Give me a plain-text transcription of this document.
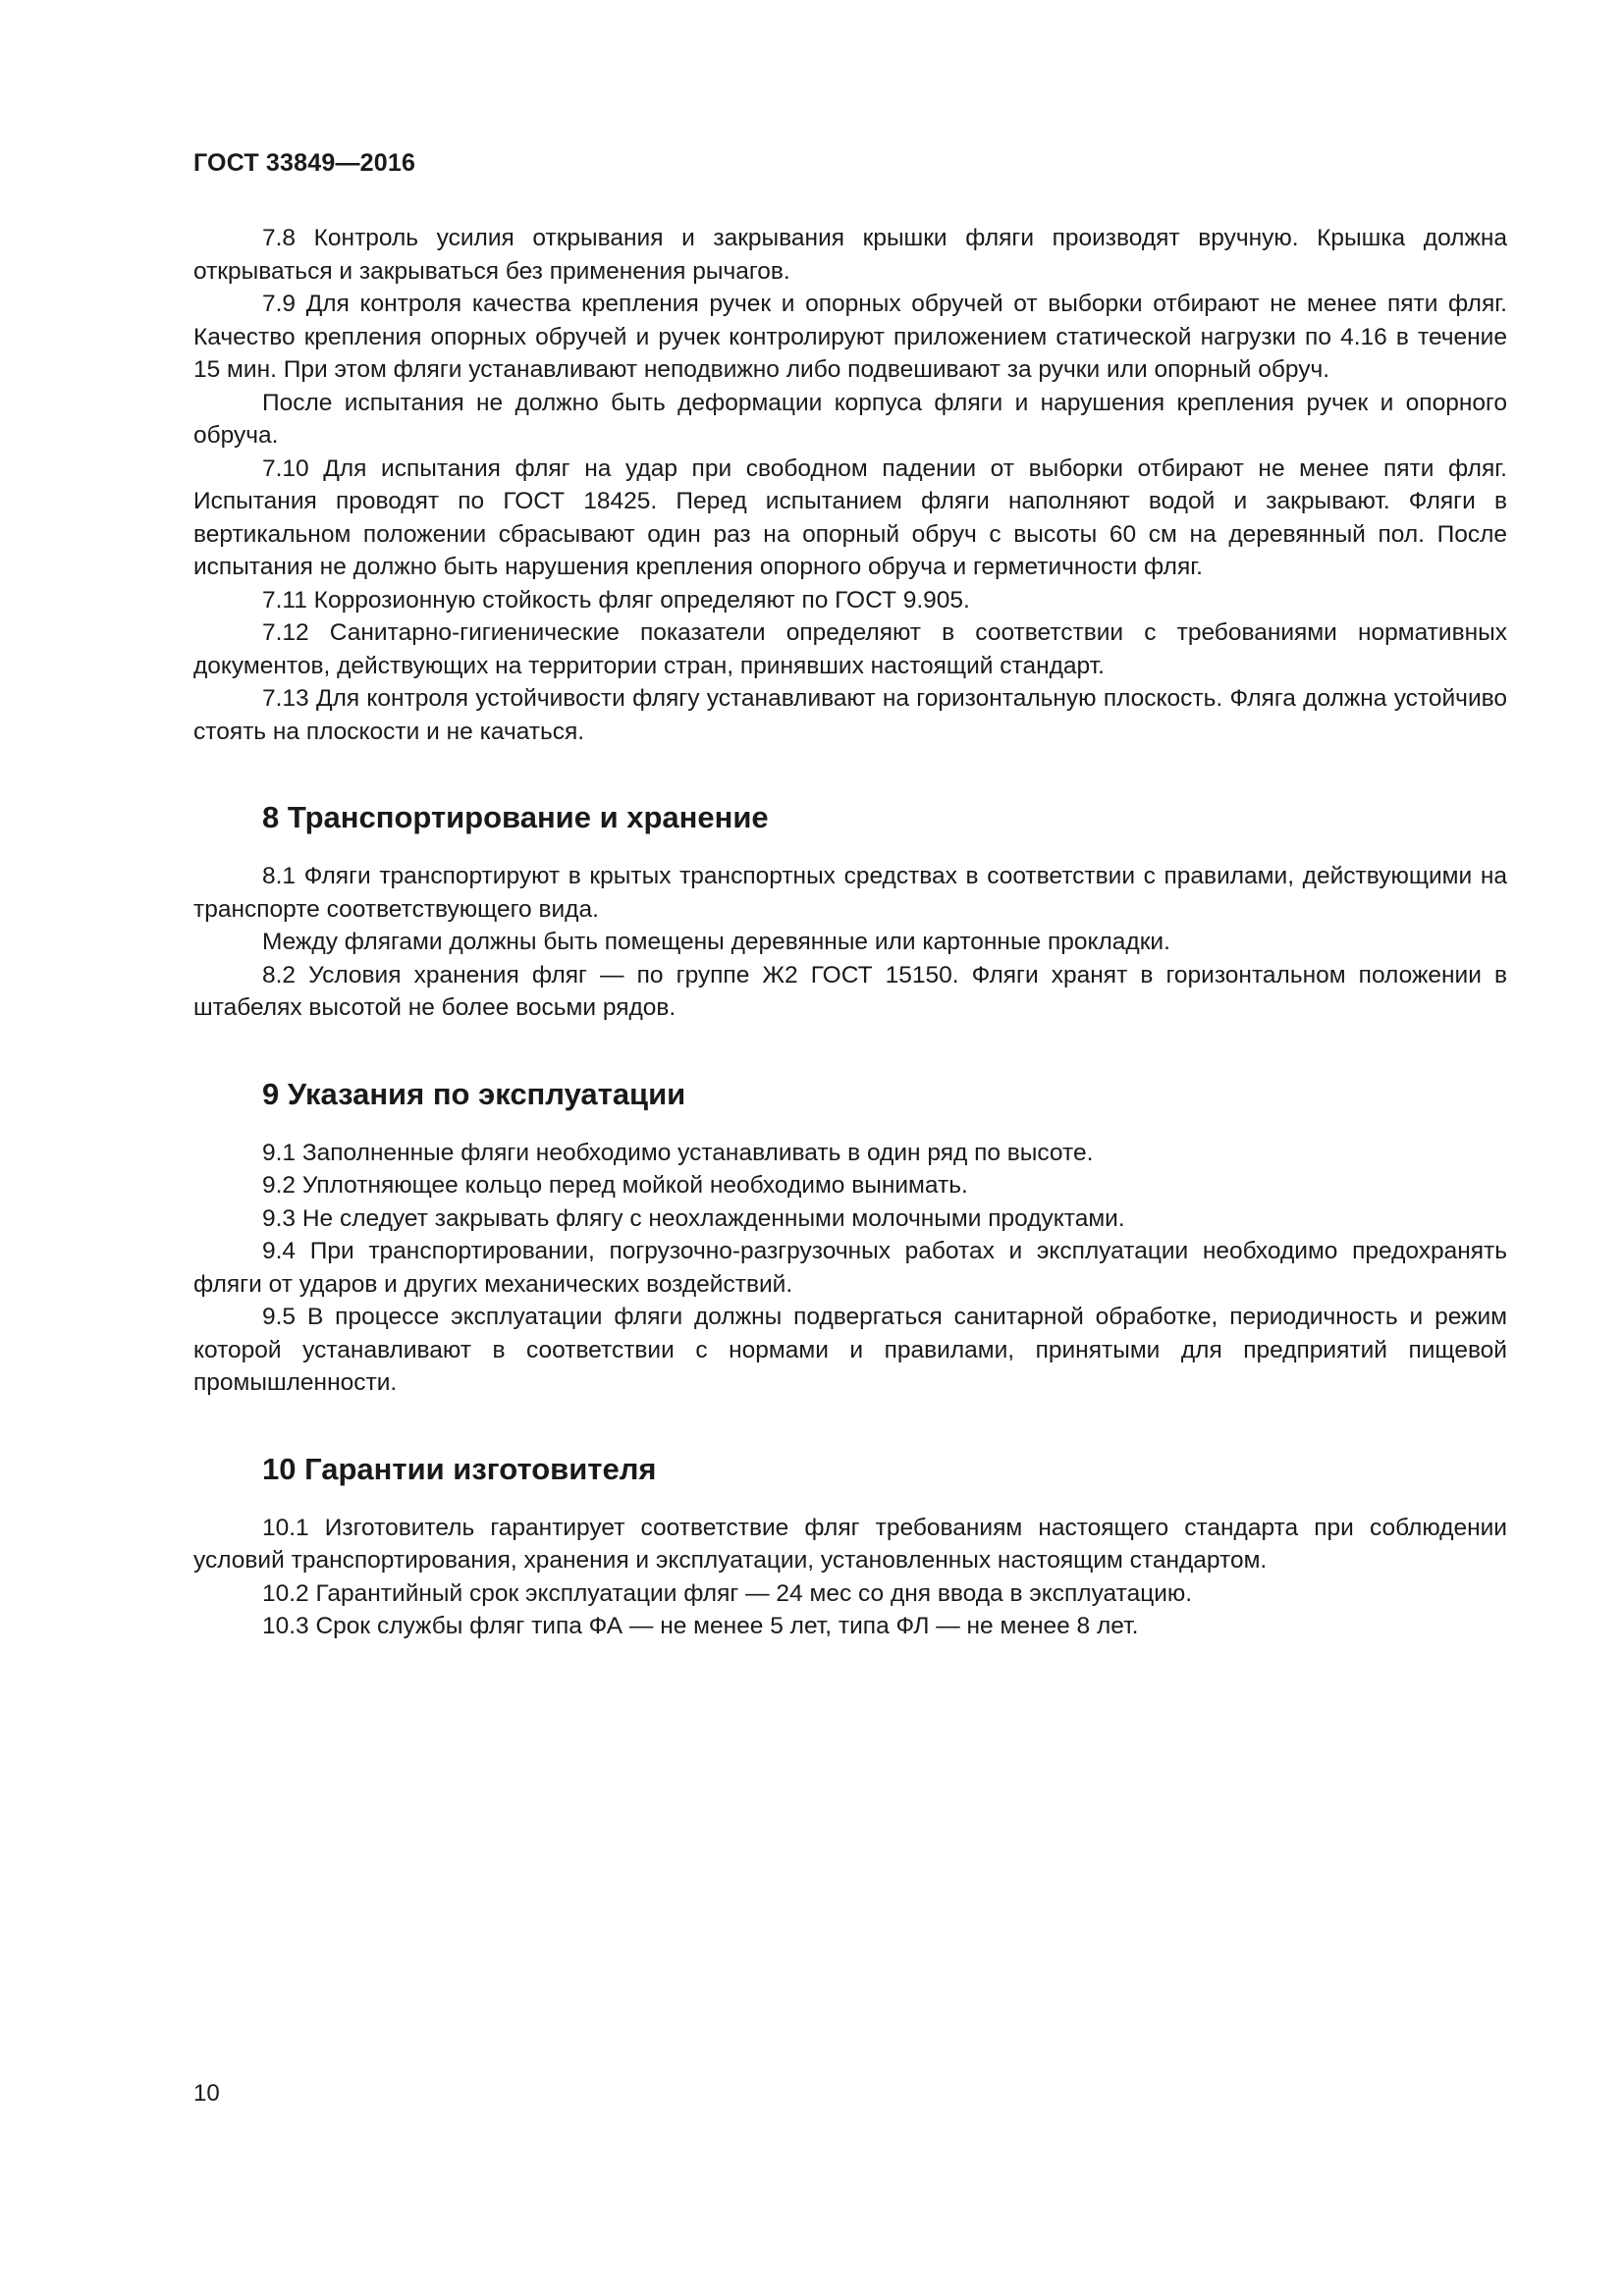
ГОСТ 33849—2016

7.8 Контроль усилия открывания и закрывания крышки фляги производят вручную. Крышка должна открываться и закрываться без применения рычагов.

7.9 Для контроля качества крепления ручек и опорных обручей от выборки отбирают не менее пяти фляг. Качество крепления опорных обручей и ручек контролируют приложением статической нагрузки по 4.16 в течение 15 мин. При этом фляги устанавливают неподвижно либо подвешивают за ручки или опорный обруч.

После испытания не должно быть деформации корпуса фляги и нарушения крепления ручек и опорного обруча.

7.10 Для испытания фляг на удар при свободном падении от выборки отбирают не менее пяти фляг. Испытания проводят по ГОСТ 18425. Перед испытанием фляги наполняют водой и закрывают. Фляги в вертикальном положении сбрасывают один раз на опорный обруч с высоты 60 см на деревянный пол. После испытания не должно быть нарушения крепления опорного обруча и герметичности фляг.

7.11 Коррозионную стойкость фляг определяют по ГОСТ 9.905.

7.12 Санитарно-гигиенические показатели определяют в соответствии с требованиями нормативных документов, действующих на территории стран, принявших настоящий стандарт.

7.13 Для контроля устойчивости флягу устанавливают на горизонтальную плоскость. Фляга должна устойчиво стоять на плоскости и не качаться.

8 Транспортирование и хранение

8.1 Фляги транспортируют в крытых транспортных средствах в соответствии с правилами, действующими на транспорте соответствующего вида.

Между флягами должны быть помещены деревянные или картонные прокладки.

8.2 Условия хранения фляг — по группе Ж2 ГОСТ 15150. Фляги хранят в горизонтальном положении в штабелях высотой не более восьми рядов.

9 Указания по эксплуатации

9.1 Заполненные фляги необходимо устанавливать в один ряд по высоте.

9.2 Уплотняющее кольцо перед мойкой необходимо вынимать.

9.3 Не следует закрывать флягу с неохлажденными молочными продуктами.

9.4 При транспортировании, погрузочно-разгрузочных работах и эксплуатации необходимо предохранять фляги от ударов и других механических воздействий.

9.5 В процессе эксплуатации фляги должны подвергаться санитарной обработке, периодичность и режим которой устанавливают в соответствии с нормами и правилами, принятыми для предприятий пищевой промышленности.

10 Гарантии изготовителя

10.1 Изготовитель гарантирует соответствие фляг требованиям настоящего стандарта при соблюдении условий транспортирования, хранения и эксплуатации, установленных настоящим стандартом.

10.2 Гарантийный срок эксплуатации фляг — 24 мес со дня ввода в эксплуатацию.

10.3 Срок службы фляг типа ФА — не менее 5 лет, типа ФЛ — не менее 8 лет.

10
